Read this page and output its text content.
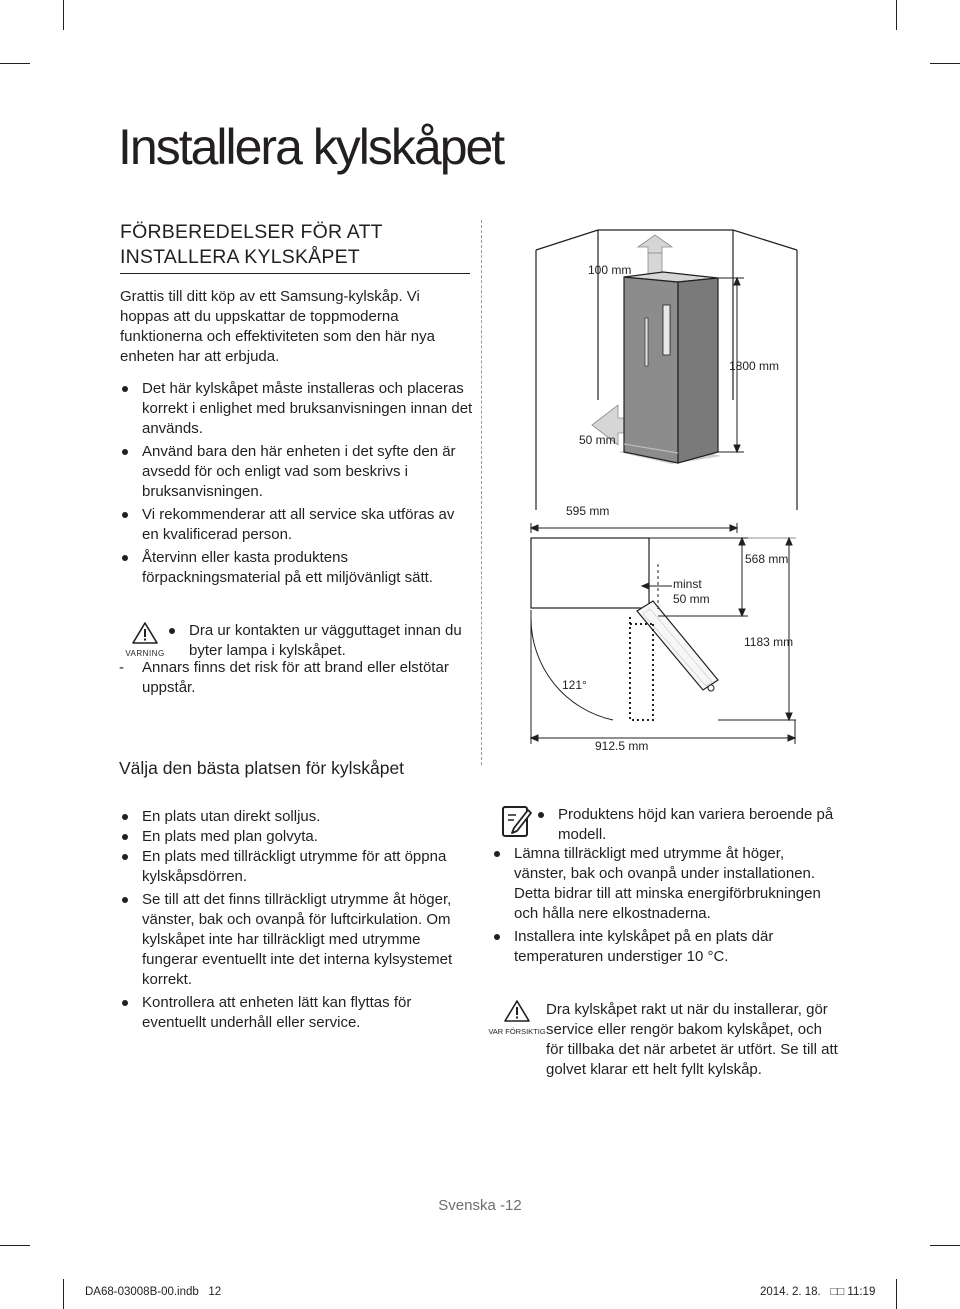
Installera kylskåpet
FÖRBEREDELSER FÖR ATT INSTALLERA KYLSKÅPET
Grattis till ditt köp av ett Samsung-kylskåp. Vi hoppas att du uppskattar de toppmoderna funktionerna och effektiviteten som den här nya enheten har att erbjuda.
Det här kylskåpet måste installeras och placeras korrekt i enlighet med bruksanvisningen innan det används.
Använd bara den här enheten i det syfte den är avsedd för och enligt vad som beskrivs i bruksanvisningen.
Vi rekommenderar att all service ska utföras av en kvalificerad person.
Återvinn eller kasta produktens förpackningsmaterial på ett miljövänligt sätt.
VARNING
Dra ur kontakten ur vägguttaget innan du byter lampa i kylskåpet.
-	Annars finns det risk för att brand eller elstötar uppstår.
100 mm
1800 mm
50 mm
595 mm
minst
50 mm
568 mm
1183 mm
121°
912.5 mm
Välja den bästa platsen för kylskåpet
En plats utan direkt solljus.
En plats med plan golvyta.
En plats med tillräckligt utrymme för att öppna kylskåpsdörren.
Se till att det finns tillräckligt utrymme åt höger, vänster, bak och ovanpå för luftcirkulation. Om kylskåpet inte har tillräckligt med utrymme fungerar eventuellt inte det interna kylsystemet korrekt.
Kontrollera att enheten lätt kan flyttas för eventuellt underhåll eller service.
Produktens höjd kan variera beroende på modell.
Lämna tillräckligt med utrymme åt höger, vänster, bak och ovanpå under installationen. Detta bidrar till att minska energiförbrukningen och hålla nere elkostnaderna.
Installera inte kylskåpet på en plats där temperaturen understiger 10 °C.
VAR FÖRSIKTIG
Dra kylskåpet rakt ut när du installerar, gör service eller rengör bakom kylskåpet, och för tillbaka det när arbetet är utfört. Se till att golvet klarar ett helt fyllt kylskåp.
Svenska -12
DA68-03008B-00.indb   12	2014. 2. 18.   □□ 11:19
